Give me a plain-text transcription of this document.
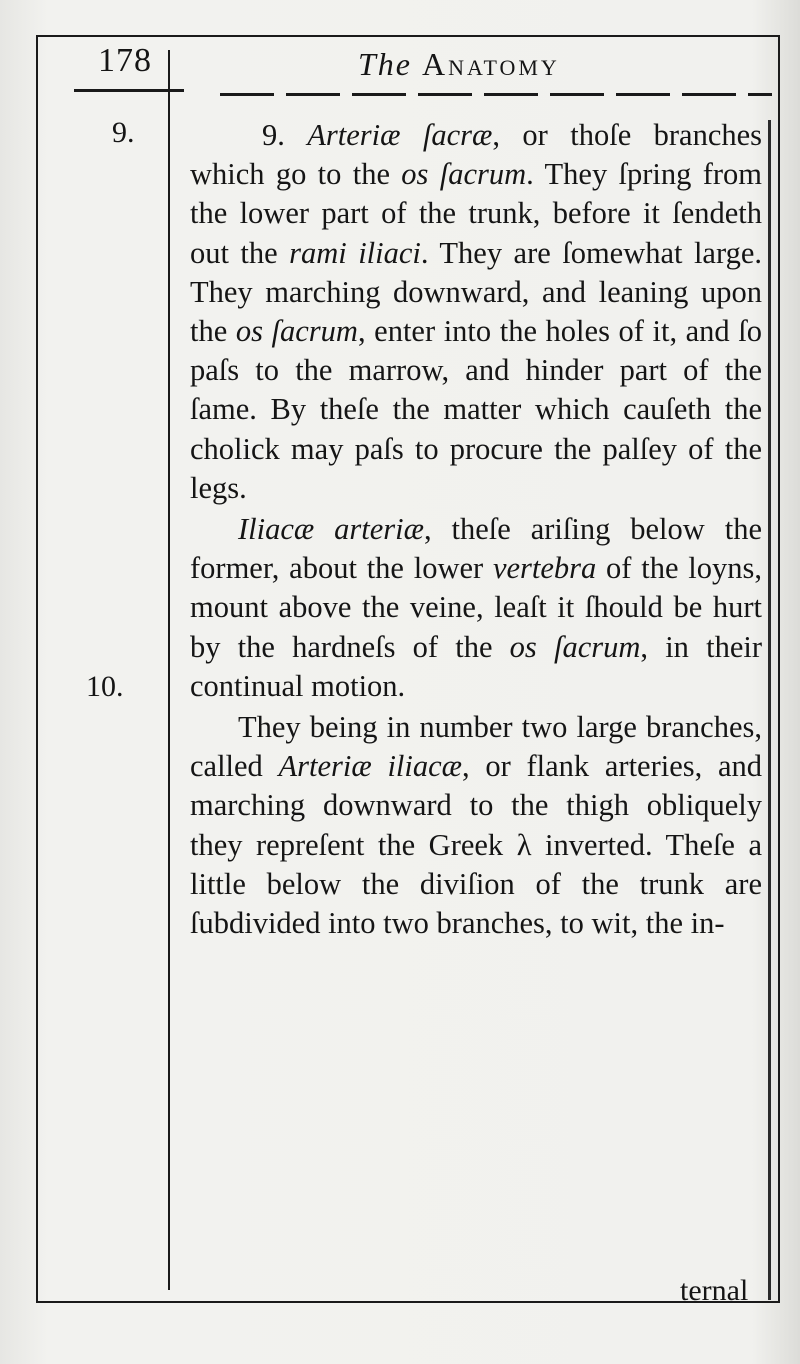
178	The Anatomy
9.
10.

9. Arteriæ ſacræ, or thoſe branches which go to the os ſacrum. They ſpring from the lower part of the trunk, before it ſendeth out the rami iliaci. They are ſomewhat large. They marching downward, and leaning upon the os ſacrum, enter into the holes of it, and ſo paſs to the marrow, and hinder part of the ſame. By theſe the matter which cauſeth the cholick may paſs to procure the palſey of the legs.

Iliacæ arteriæ, theſe ariſing below the former, about the lower vertebra of the loyns, mount above the veine, leaſt it ſhould be hurt by the hardneſs of the os ſacrum, in their continual motion.

They being in number two large branches, called Arteriæ iliacæ, or flank arteries, and marching downward to the thigh obliquely they repreſent the Greek λ inverted. Theſe a little below the diviſion of the trunk are ſubdivided into two branches, to wit, the in-

ternal
